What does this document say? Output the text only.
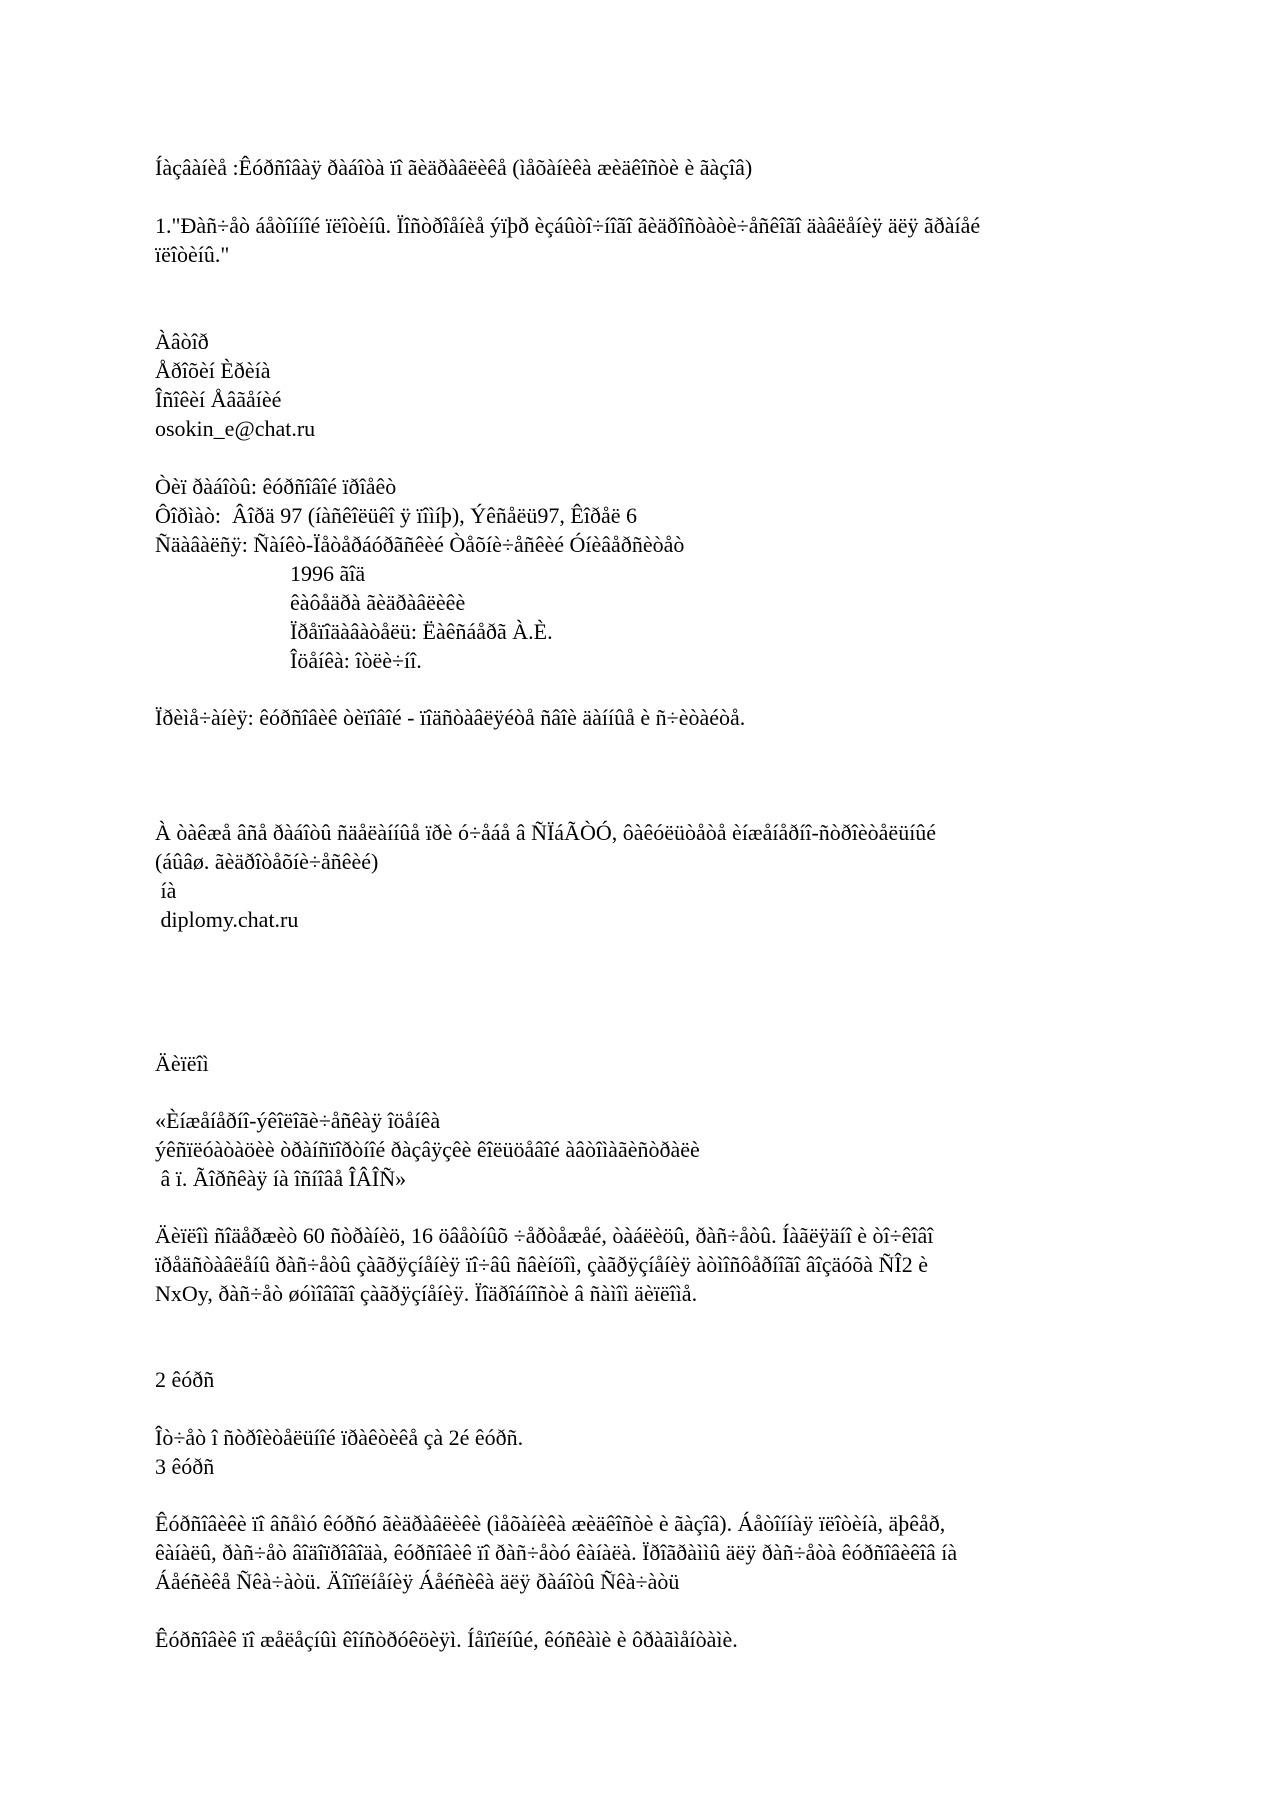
Íàçâàíèå :Êóðñîâàÿ ðàáîòà ïî ãèäðàâëèêå (ìåõàíèêà æèäêîñòè è ãàçîâ)
1."Ðàñ÷åò áåòîííîé ïëîòèíû. Ïîñòðîåíèå ýïþð èçáûòî÷íîãî ãèäðîñòàòè÷åñêîãî äàâëåíèÿ äëÿ ãðàíåé
ïëîòèíû."
Àâòîð
Åðîõèí Èðèíà
Îñîêèí Åâãåíèé
osokin_e@chat.ru
Òèï ðàáîòû: êóðñîâîé ïðîåêò
Ôîðìàò:  Âîðä 97 (íàñêîëüêî ÿ ïîìíþ), Ýêñåëü97, Êîðåë 6
Ñäàâàëñÿ: Ñàíêò-Ïåòåðáóðãñêèé Òåõíè÷åñêèé Óíèâåðñèòåò
1996 ãîä
êàôåäðà ãèäðàâëèêè
Ïðåïîäàâàòåëü: Ëàêñáåðã À.È.
Îöåíêà: îòëè÷íî.
Ïðèìå÷àíèÿ: êóðñîâèê òèïîâîé - ïîäñòàâëÿéòå ñâîè äàííûå è ñ÷èòàéòå.
À òàêæå âñå ðàáîòû ñäåëàííûå ïðè ó÷åáå â ÑÏáÃÒÓ, ôàêóëüòåòå èíæåíåðíî-ñòðîèòåëüíûé
(áûâø. ãèäðîòåõíè÷åñêèé)
íà
diplomy.chat.ru
Äèïëîì
«Èíæåíåðíî-ýêîëîãè÷åñêàÿ îöåíêà
ýêñïëóàòàöèè òðàíñïîðòíîé ðàçâÿçêè êîëüöåâîé àâòîìàãèñòðàëè
â ï. Ãîðñêàÿ íà îñíîâå ÎÂÎÑ»
Äèïëîì ñîäåðæèò 60 ñòðàíèö, 16 öâåòíûõ ÷åðòåæåé, òàáëèöû, ðàñ÷åòû. Íàãëÿäíî è òî÷êîâî
ïðåäñòàâëåíû ðàñ÷åòû çàãðÿçíåíèÿ ïî÷âû ñâèíöîì, çàãðÿçíåíèÿ àòìîñôåðíîãî âîçäóõà ÑÎ2 è
NxOy, ðàñ÷åò øóìîâîãî çàãðÿçíåíèÿ. Ïîäðîáíîñòè â ñàìîì äèïëîìå.
2 êóðñ
Îò÷åò î ñòðîèòåëüíîé ïðàêòèêå çà 2é êóðñ.
3 êóðñ
Êóðñîâèêè ïî âñåìó êóðñó ãèäðàâëèêè (ìåõàíèêà æèäêîñòè è ãàçîâ). Áåòîííàÿ ïëîòèíà, äþêåð,
êàíàëû, ðàñ÷åò âîäîïðîâîäà, êóðñîâèê ïî ðàñ÷åòó êàíàëà. Ïðîãðàììû äëÿ ðàñ÷åòà êóðñîâèêîâ íà
Áåéñèêå Ñêà÷àòü. Äîïîëíåíèÿ Áåéñèêà äëÿ ðàáîòû Ñêà÷àòü
Êóðñîâèê ïî æåëåçíûì êîíñòðóêöèÿì. Íåïîëíûé, êóñêàìè è ôðàãìåíòàìè.
